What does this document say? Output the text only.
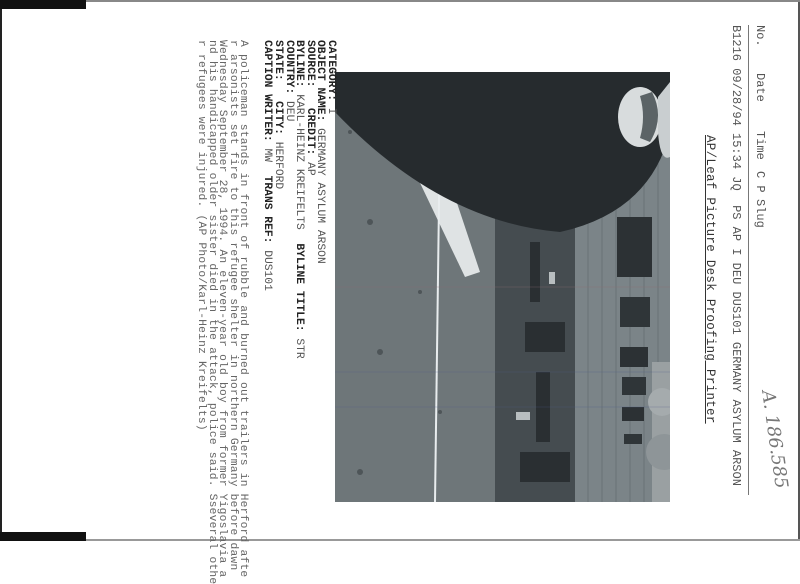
A. 186.585
No.DateTimeC PSlug
AP/Leaf Picture Desk Proofing Printer
B1216 09/28/94 15:34 JQ  PS AP I DEU DUS101 GERMANY ASYLUM ARSON
CATEGORY: I
OBJECT NAME: GERMANY ASYLUM ARSON
SOURCE:   CREDIT: AP
BYLINE: KARL-HEINZ KREIFELTS  BYLINE TITLE: STR
COUNTRY: DEU
STATE:   CITY: HERFORD
CAPTION WRITER: MW  TRANS REF: DUS101
A policeman stands in front of rubble and burned out trailers in Herford afte
r arsonists set fire to this refugee shelter in northern Germany before dawn
Wednesday September 28, 1994. An eleven-year old boy from former Yigoslavia a
nd his handicapped older sister died in the attack, police said. Sseveral othe
r refugees were injured. (AP Photo/Karl-Heinz Kreifelts)
